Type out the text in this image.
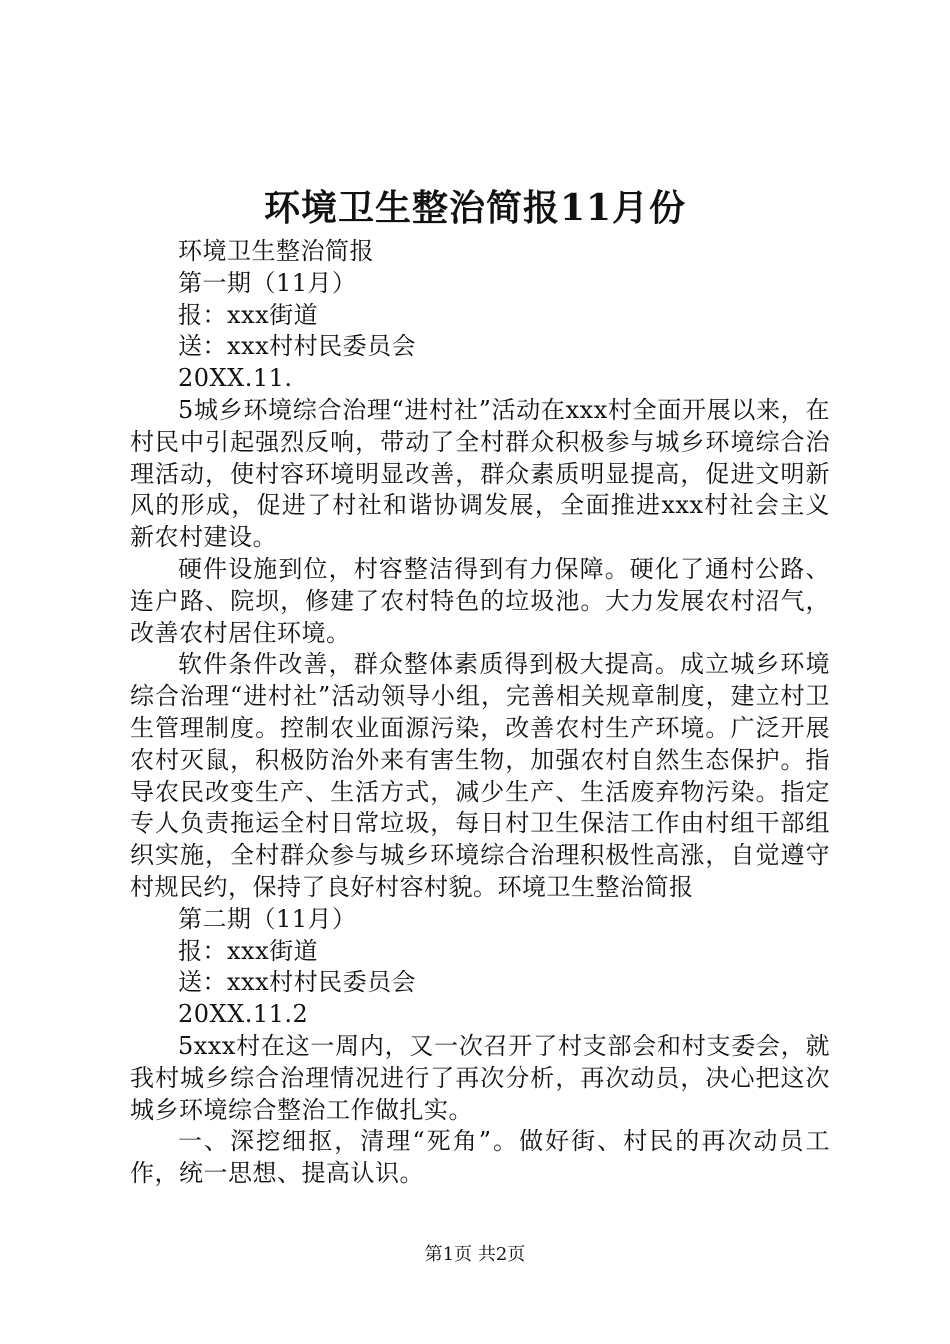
环境卫生整治简报11月份

环境卫生整治简报

第一期（11月）

报：xxx街道

送：xxx村村民委员会

20XX.11.

5城乡环境综合治理“进村社”活动在xxx村全面开展以来，在村民中引起强烈反响，带动了全村群众积极参与城乡环境综合治理活动，使村容环境明显改善，群众素质明显提高，促进文明新风的形成，促进了村社和谐协调发展，全面推进xxx村社会主义新农村建设。

硬件设施到位，村容整洁得到有力保障。硬化了通村公路、连户路、院坝，修建了农村特色的垃圾池。大力发展农村沼气，改善农村居住环境。

软件条件改善，群众整体素质得到极大提高。成立城乡环境综合治理“进村社”活动领导小组，完善相关规章制度，建立村卫生管理制度。控制农业面源污染，改善农村生产环境。广泛开展农村灭鼠，积极防治外来有害生物，加强农村自然生态保护。指导农民改变生产、生活方式，减少生产、生活废弃物污染。指定专人负责拖运全村日常垃圾，每日村卫生保洁工作由村组干部组织实施，全村群众参与城乡环境综合治理积极性高涨，自觉遵守村规民约，保持了良好村容村貌。环境卫生整治简报

第二期（11月）

报：xxx街道

送：xxx村村民委员会

20XX.11.2

5xxx村在这一周内，又一次召开了村支部会和村支委会，就我村城乡综合治理情况进行了再次分析，再次动员，决心把这次城乡环境综合整治工作做扎实。

一、深挖细抠，清理“死角”。做好街、村民的再次动员工作，统一思想、提高认识。

第1页 共2页
